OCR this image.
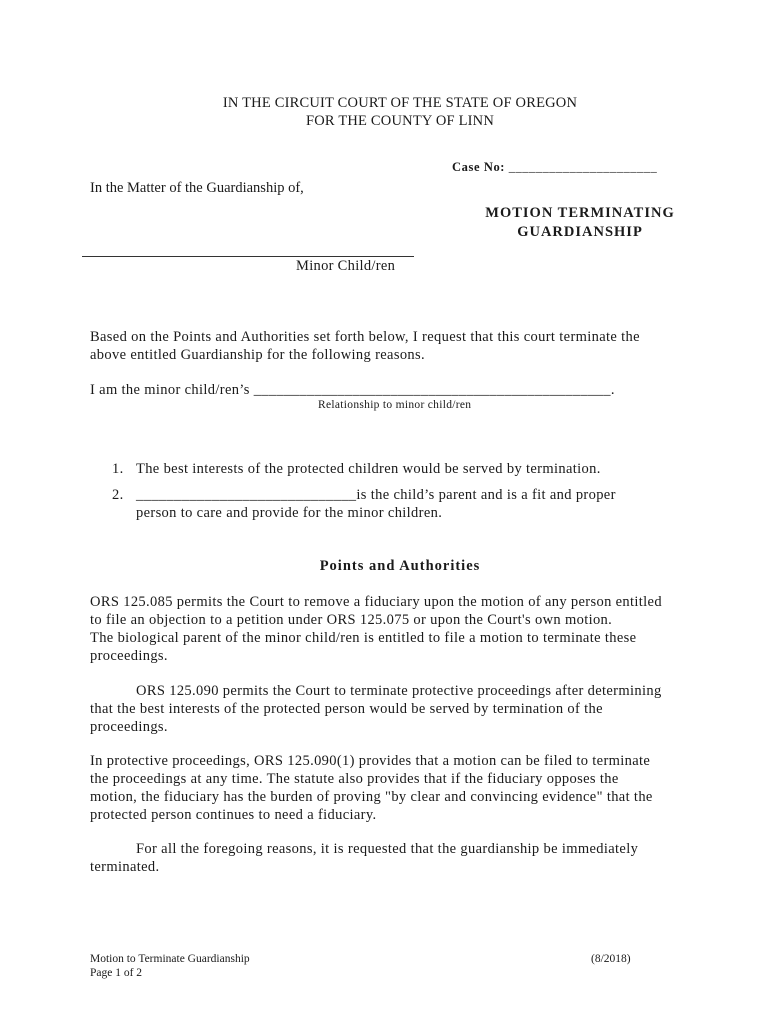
IN THE CIRCUIT COURT OF THE STATE OF OREGON
FOR THE COUNTY OF LINN
Case No: ______________________
In the Matter of the Guardianship of,
MOTION TERMINATING
GUARDIANSHIP
Minor Child/ren
Based on the Points and Authorities set forth below, I request that this court terminate the
above entitled Guardianship for the following reasons.
I am the minor child/ren’s _______________________________________________.
Relationship to minor child/ren
1. The best interests of the protected children would be served by termination.
2. _____________________________is the child’s parent and is a fit and proper
person to care and provide for the minor children.
Points and Authorities
ORS 125.085 permits the Court to remove a fiduciary upon the motion of any person entitled
to file an objection to a petition under ORS 125.075 or upon the Court's own motion.
The biological parent of the minor child/ren is entitled to file a motion to terminate these
proceedings.
ORS 125.090 permits the Court to terminate protective proceedings after determining
that the best interests of the protected person would be served by termination of the
proceedings.
In protective proceedings, ORS 125.090(1) provides that a motion can be filed to terminate
the proceedings at any time. The statute also provides that if the fiduciary opposes the
motion, the fiduciary has the burden of proving "by clear and convincing evidence" that the
protected person continues to need a fiduciary.
For all the foregoing reasons, it is requested that the guardianship be immediately
terminated.
Motion to Terminate Guardianship
Page 1 of 2
(8/2018)
